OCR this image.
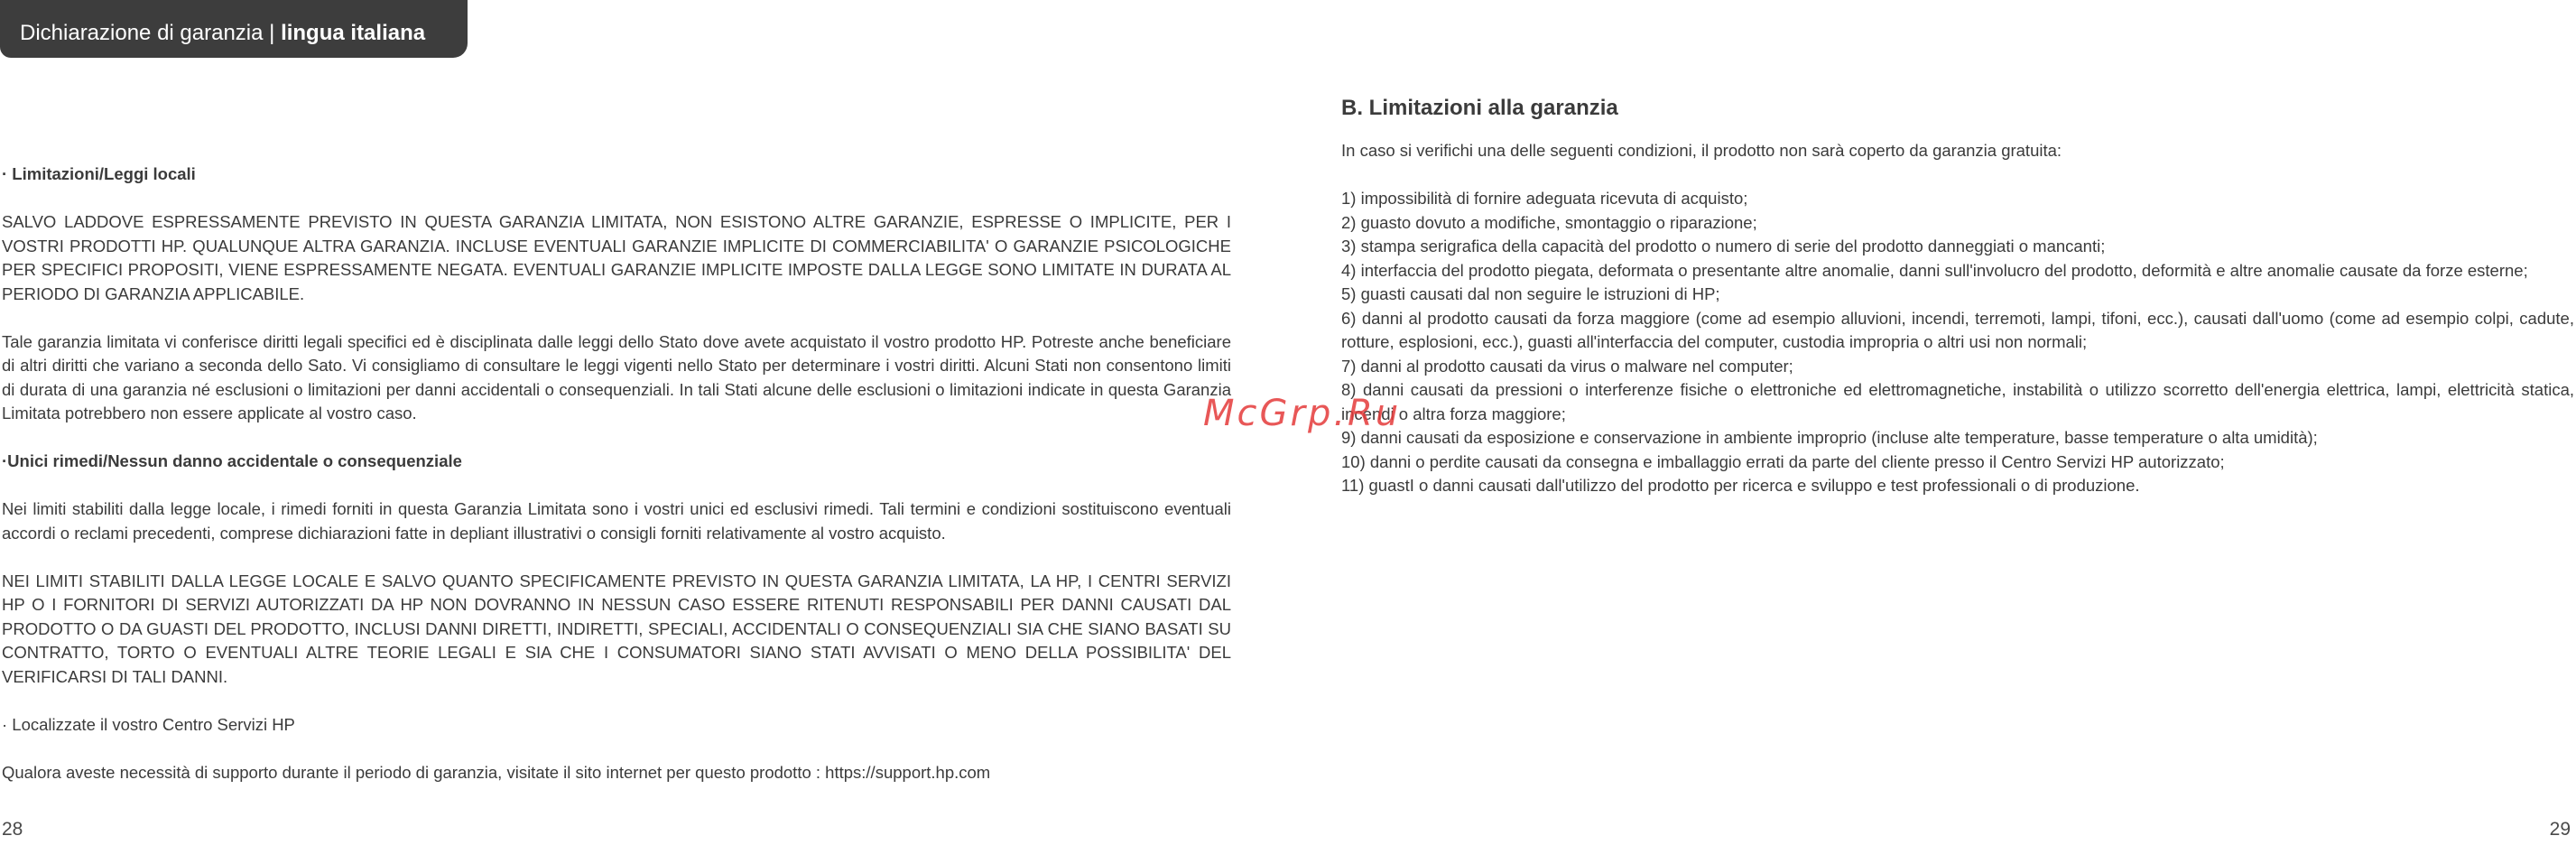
Dichiarazione di garanzia | lingua italiana
· Limitazioni/Leggi locali

SALVO LADDOVE ESPRESSAMENTE PREVISTO IN QUESTA GARANZIA LIMITATA, NON ESISTONO ALTRE GARANZIE, ESPRESSE O IMPLICITE, PER I VOSTRI PRODOTTI HP. QUALUNQUE ALTRA GARANZIA. INCLUSE EVENTUALI GARANZIE IMPLICITE DI COMMERCIABILITA' O GARANZIE PSICOLOGICHE PER SPECIFICI PROPOSITI, VIENE ESPRESSAMENTE NEGATA. EVENTUALI GARANZIE IMPLICITE IMPOSTE DALLA LEGGE SONO LIMITATE IN DURATA AL PERIODO DI GARANZIA APPLICABILE.

Tale garanzia limitata vi conferisce diritti legali specifici ed è disciplinata dalle leggi dello Stato dove avete acquistato il vostro prodotto HP. Potreste anche beneficiare di altri diritti che variano a seconda dello Sato. Vi consigliamo di consultare le leggi vigenti nello Stato per determinare i vostri diritti. Alcuni Stati non consentono limiti di durata di una garanzia né esclusioni o limitazioni per danni accidentali o consequenziali. In tali Stati alcune delle esclusioni o limitazioni indicate in questa Garanzia Limitata potrebbero non essere applicate al vostro caso.

·Unici rimedi/Nessun danno accidentale o consequenziale

Nei limiti stabiliti dalla legge locale, i rimedi forniti in questa Garanzia Limitata sono i vostri unici ed esclusivi rimedi. Tali termini e condizioni sostituiscono eventuali accordi o reclami precedenti, comprese dichiarazioni fatte in depliant illustrativi o consigli forniti relativamente al vostro acquisto.

NEI LIMITI STABILITI DALLA LEGGE LOCALE E SALVO QUANTO SPECIFICAMENTE PREVISTO IN QUESTA GARANZIA LIMITATA, LA HP, I CENTRI SERVIZI HP O I FORNITORI DI SERVIZI AUTORIZZATI DA HP NON DOVRANNO IN NESSUN CASO ESSERE RITENUTI RESPONSABILI PER DANNI CAUSATI DAL PRODOTTO O DA GUASTI DEL PRODOTTO, INCLUSI DANNI DIRETTI, INDIRETTI, SPECIALI, ACCIDENTALI O CONSEQUENZIALI SIA CHE SIANO BASATI SU CONTRATTO, TORTO O EVENTUALI ALTRE TEORIE LEGALI E SIA CHE I CONSUMATORI SIANO STATI AVVISATI O MENO DELLA POSSIBILITA' DEL VERIFICARSI DI TALI DANNI.

· Localizzate il vostro Centro Servizi HP

Qualora aveste necessità di supporto durante il periodo di garanzia, visitate il sito internet per questo prodotto : https://support.hp.com

B. Limitazioni alla garanzia

In caso si verifichi una delle seguenti condizioni, il prodotto non sarà coperto da garanzia gratuita:

1) impossibilità di fornire adeguata ricevuta di acquisto;

2) guasto dovuto a modifiche, smontaggio o riparazione;

3) stampa serigrafica della capacità del prodotto o numero di serie del prodotto danneggiati o mancanti;

4) interfaccia del prodotto piegata, deformata o presentante altre anomalie, danni sull'involucro del prodotto, deformità e altre anomalie causate da forze esterne;

5) guasti causati dal non seguire le istruzioni di HP;

6) danni al prodotto causati da forza maggiore (come ad esempio alluvioni, incendi, terremoti, lampi, tifoni, ecc.), causati dall'uomo (come ad esempio colpi, cadute, rotture, esplosioni, ecc.), guasti all'interfaccia del computer, custodia impropria o altri usi non normali;

7) danni al prodotto causati da virus o malware nel computer;

8) danni causati da pressioni o interferenze fisiche o elettroniche ed elettromagnetiche, instabilità o utilizzo scorretto dell'energia elettrica, lampi, elettricità statica, incendi o altra forza maggiore;

9) danni causati da esposizione e conservazione in ambiente improprio (incluse alte temperature, basse temperature o alta umidità);

10) danni o perdite causati da consegna e imballaggio errati da parte del cliente presso il Centro Servizi HP autorizzato;

11) guastI o danni causati dall'utilizzo del prodotto per ricerca e sviluppo e test professionali o di produzione.

McGrp.Ru
28	29
